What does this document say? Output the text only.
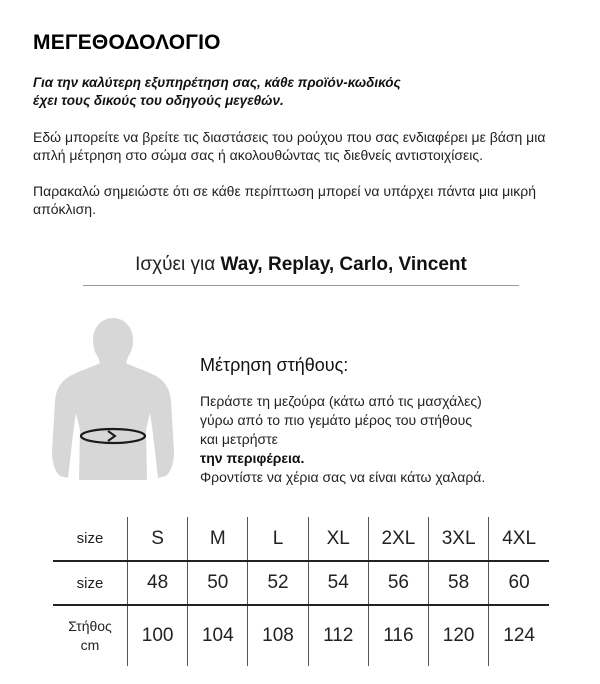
ΜΕΓΕΘΟΔΟΛΟΓΙΟ
Για την καλύτερη εξυπηρέτηση σας, κάθε προϊόν-κωδικός
έχει τους δικούς του οδηγούς μεγεθών.
Εδώ μπορείτε να βρείτε τις διαστάσεις του ρούχου που σας ενδιαφέρει με βάση μια απλή μέτρηση στο σώμα σας ή ακολουθώντας τις διεθνείς αντιστοιχίσεις.
Παρακαλώ σημειώστε ότι σε κάθε περίπτωση μπορεί να υπάρχει πάντα μια μικρή απόκλιση.
Ισχύει για Way, Replay, Carlo, Vincent
Μέτρηση στήθους:
Περάστε τη μεζούρα (κάτω από τις μασχάλες)
γύρω από το πιο γεμάτο μέρος του στήθους
και μετρήστε
την περιφέρεια.
Φροντίστε να χέρια σας να είναι κάτω χαλαρά.
size	S	M	L	XL	2XL	3XL	4XL
size	48	50	52	54	56	58	60
Στήθος
cm	100	104	108	112	116	120	124
